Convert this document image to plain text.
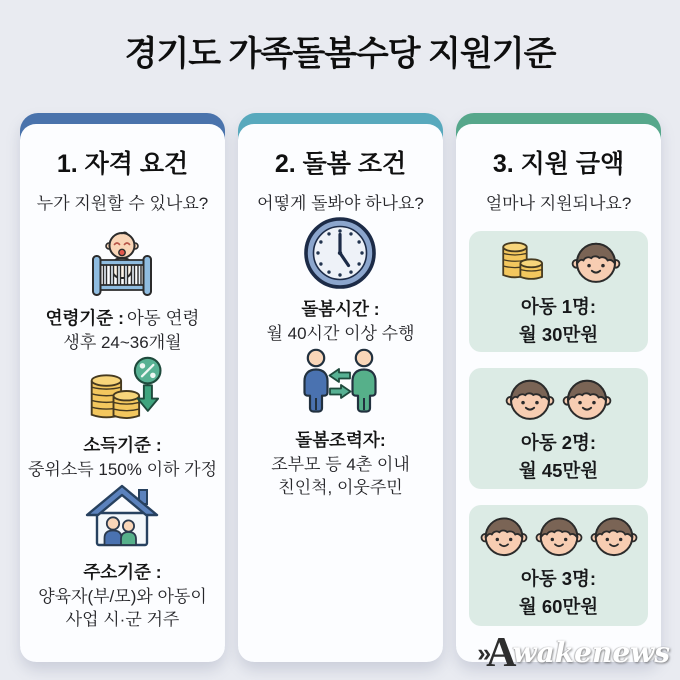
경기도 가족돌봄수당 지원기준
1. 자격 요건
누가 지원할 수 있나요?
연령기준 : 아동 연령
생후 24~36개월
소득기준 :
중위소득 150% 이하 가정
주소기준 :
양육자(부/모)와 아동이
사업 시·군 거주
2. 돌봄 조건
어떻게 돌봐야 하나요?
돌봄시간 :
월 40시간 이상 수행
돌봄조력자:
조부모 등 4촌 이내
친인척, 이웃주민
3. 지원 금액
얼마나 지원되나요?
아동 1명:
월 30만원
아동 2명:
월 45만원
아동 3명:
월 60만원
»
A
wakenews
